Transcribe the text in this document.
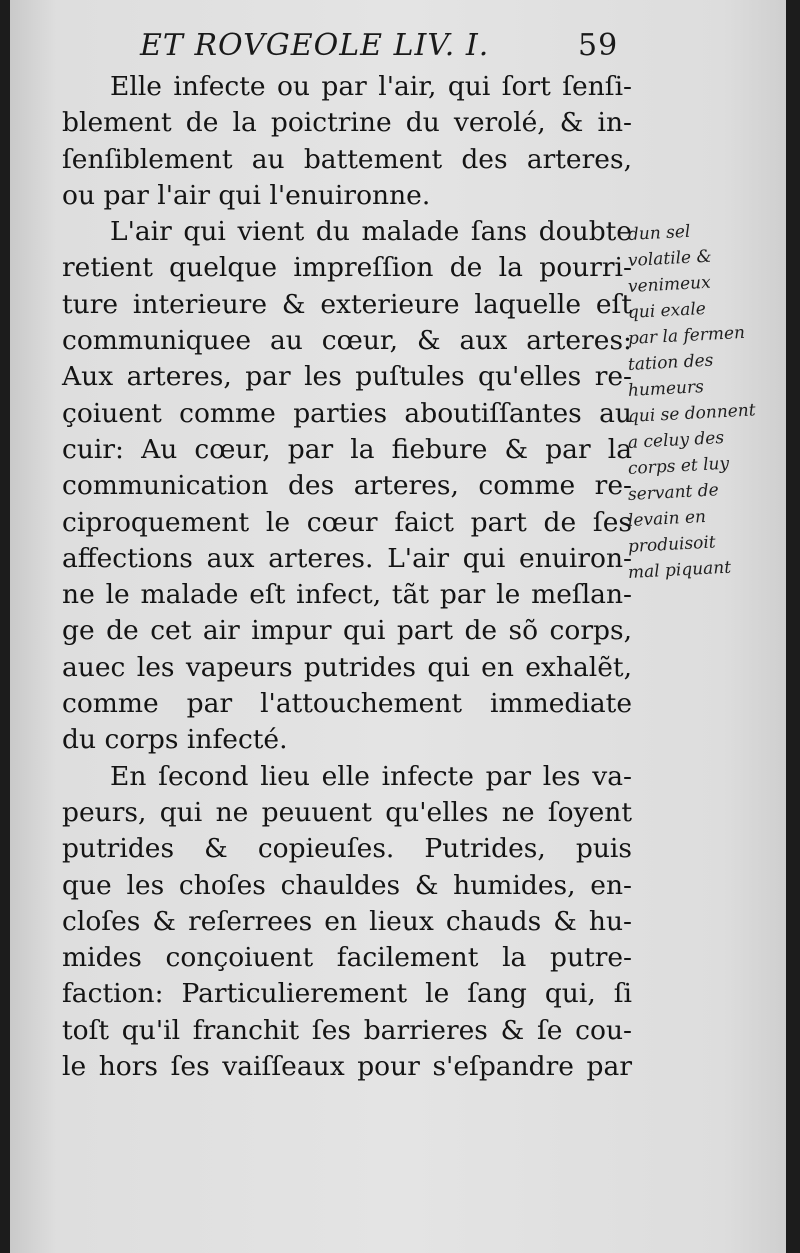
ET ROVGEOLE LIV. I.	59
Elle infecte ou par l'air, qui ſort ſenſi-
blement de la poictrine du verolé, & in-
ſenſiblement au battement des arteres,
ou par l'air qui l'enuironne.
L'air qui vient du malade ſans doubte
retient quelque impreſſion de la pourri-
ture interieure & exterieure laquelle eſt
communiquee au cœur, & aux arteres:
Aux arteres, par les puſtules qu'elles re-
çoiuent comme parties aboutiſſantes au
cuir: Au cœur, par la fiebure & par la
communication des arteres, comme re-
ciproquement le cœur faict part de ſes
affections aux arteres. L'air qui enuiron-
ne le malade eſt infect, tãt par le meſlan-
ge de cet air impur qui part de sõ corps,
auec les vapeurs putrides qui en exhalẽt,
comme par l'attouchement immediate
du corps infecté.
En ſecond lieu elle infecte par les va-
peurs, qui ne peuuent qu'elles ne ſoyent
putrides & copieuſes. Putrides, puis
que les choſes chauldes & humides, en-
cloſes & reſerrees en lieux chauds & hu-
mides conçoiuent facilement la putre-
faction: Particulierement le ſang qui, ſi
toſt qu'il franchit ſes barrieres & ſe cou-
le hors ſes vaiſſeaux pour s'eſpandre par
dun sel
volatile &
venimeux
qui exale
par la fermen
tation des
humeurs
qui se donnent
a celuy des
corps et luy
servant de
levain en
produisoit
mal piquant
